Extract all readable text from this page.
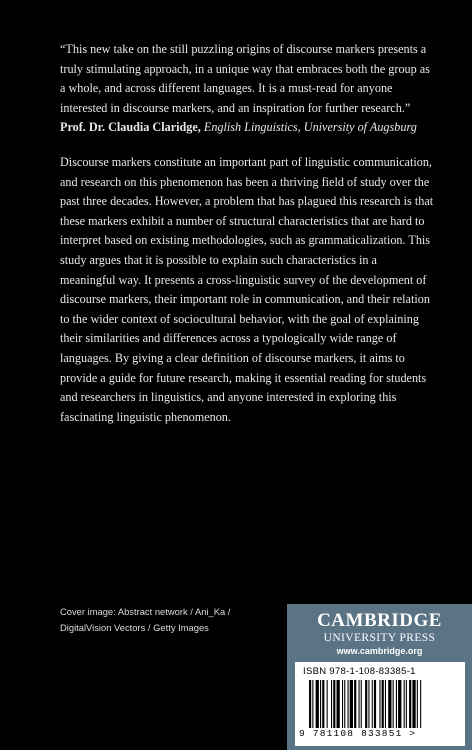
“This new take on the still puzzling origins of discourse markers presents a truly stimulating approach, in a unique way that embraces both the group as a whole, and across different languages. It is a must-read for anyone interested in discourse markers, and an inspiration for further research.” Prof. Dr. Claudia Claridge, English Linguistics, University of Augsburg
Discourse markers constitute an important part of linguistic communication, and research on this phenomenon has been a thriving field of study over the past three decades. However, a problem that has plagued this research is that these markers exhibit a number of structural characteristics that are hard to interpret based on existing methodologies, such as grammaticalization. This study argues that it is possible to explain such characteristics in a meaningful way. It presents a cross-linguistic survey of the development of discourse markers, their important role in communication, and their relation to the wider context of sociocultural behavior, with the goal of explaining their similarities and differences across a typologically wide range of languages. By giving a clear definition of discourse markers, it aims to provide a guide for future research, making it essential reading for students and researchers in linguistics, and anyone interested in exploring this fascinating linguistic phenomenon.
Cover image: Abstract network / Ani_Ka /
DigitalVision Vectors / Getty Images	CAMBRIDGE
UNIVERSITY PRESS
www.cambridge.org
ISBN 978-1-108-83385-1
9 781108 833851 >
